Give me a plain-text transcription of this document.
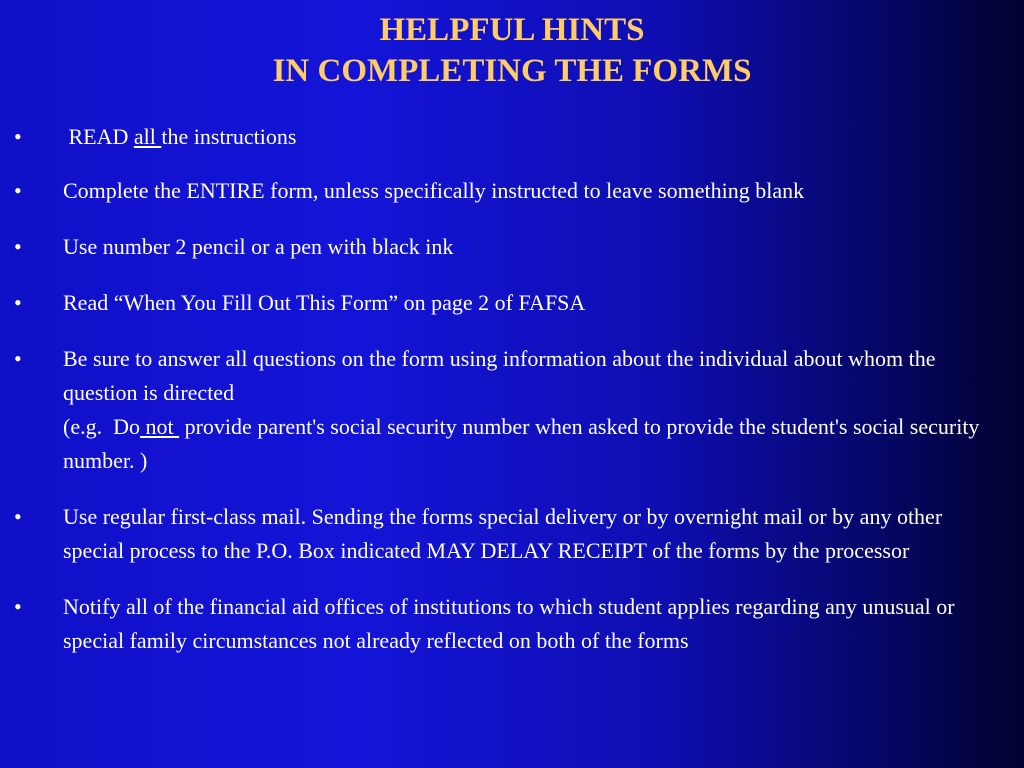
HELPFUL HINTS
IN COMPLETING THE FORMS
• READ all the instructions
• Complete the ENTIRE form, unless specifically instructed to leave something blank
• Use number 2 pencil or a pen with black ink
• Read “When You Fill Out This Form” on page 2 of FAFSA
• Be sure to answer all questions on the form using information about the individual about whom the question is directed
(e.g.  Do not  provide parent's social security number when asked to provide the student's social security number. )
• Use regular first-class mail. Sending the forms special delivery or by overnight mail or by any other special process to the P.O. Box indicated MAY DELAY RECEIPT of the forms by the processor
• Notify all of the financial aid offices of institutions to which student applies regarding any unusual or special family circumstances not already reflected on both of the forms
